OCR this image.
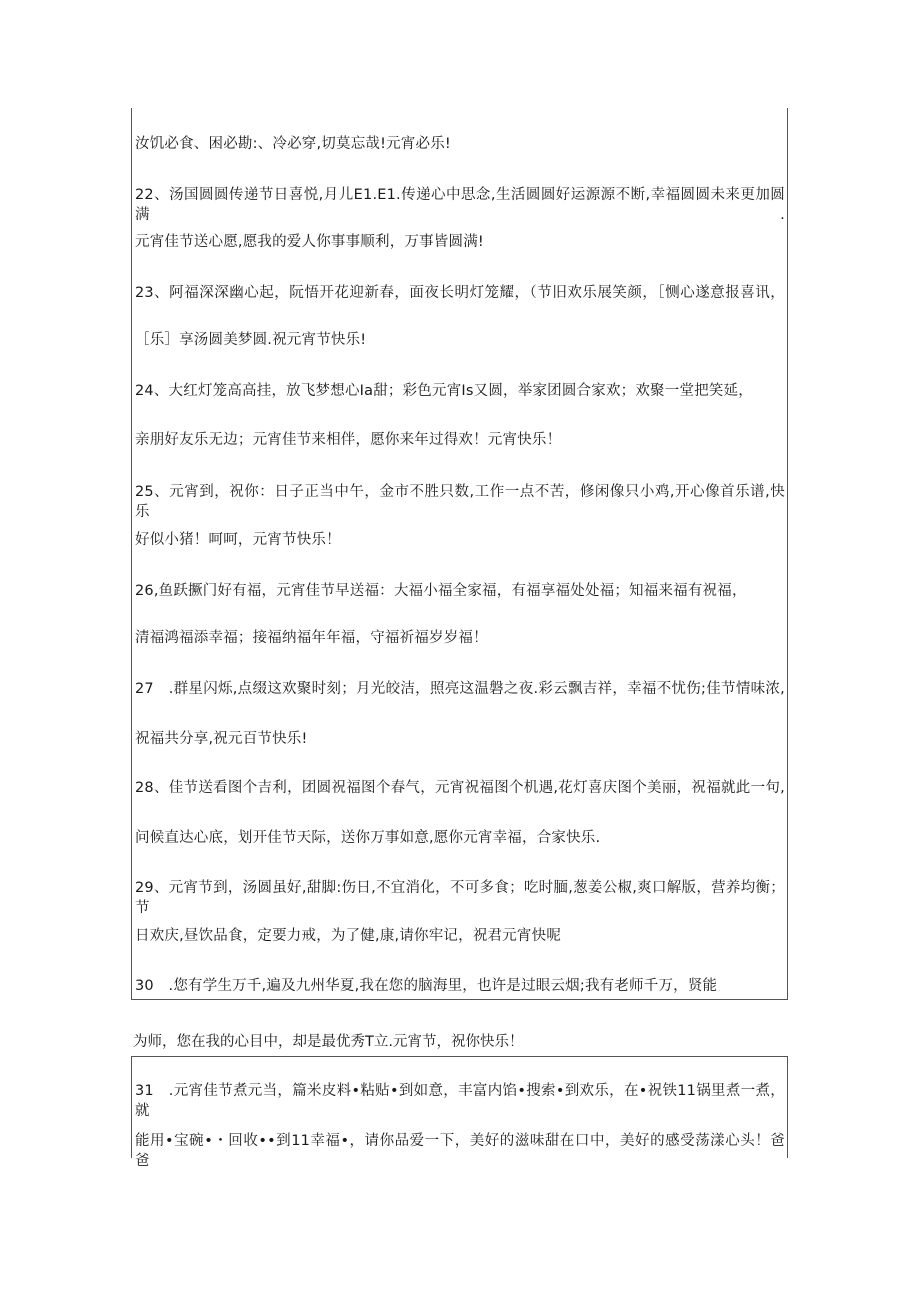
汝饥必食、困必勘:、冷必穿,切莫忘哉!元宵必乐!
22、汤国圆圆传递节日喜悦,月儿E1.E1.传递心中思念,生活圆圆好运源源不断,幸福圆圆未来更加圆满.
元宵佳节送心愿,愿我的爱人你事事顺利，万事皆圆满!
23、阿福深深幽心起，阮悟开花迎新春，面夜长明灯笼耀，（节旧欢乐展笑颜，［恻心遂意报喜讯，
［乐］享汤圆美梦圆.祝元宵节快乐!
24、大红灯笼高高挂，放飞梦想心Ia甜；彩色元宵Is又圆，举家团圆合家欢；欢聚一堂把笑延，
亲朋好友乐无边；元宵佳节来相伴，愿你来年过得欢！元宵快乐！
25、元宵到，祝你：日子正当中午，金市不胜只数,工作一点不苦，修闲像只小鸡,开心像首乐谱,快乐
好似小猪！呵呵，元宵节快乐！
26,鱼跃撅门好有福，元宵佳节早送福：大福小福全家福，有福享福处处福；知福来福有祝福，
清福鸿福添幸福；接福纳福年年福，守福祈福岁岁福！
27　.群星闪烁,点缀这欢聚时刻；月光皎洁，照亮这温磐之夜.彩云飘吉祥，幸福不忧伤;佳节情味浓,
祝福共分享,祝元百节快乐!
28、佳节送看图个吉利，团圆祝福图个春气，元宵祝福图个机遇,花灯喜庆图个美丽，祝福就此一句,
问候直达心底，划开佳节天际，送你万事如意,愿你元宵幸福，合家快乐.
29、元宵节到，汤圆虽好,甜脚:伤日,不宜消化，不可多食；吃时腼,葱姜公椒,爽口解版，营养均衡；节
日欢庆,昼饮品食，定要力戒，为了健,康,请你牢记，祝君元宵快呢
30　.您有学生万千,遍及九州华夏,我在您的脑海里，也许是过眼云烟;我有老师千万，贤能
为师，您在我的心目中，却是最优秀T立.元宵节，祝你快乐！
31　.元宵佳节煮元当，篇米皮料•粘贴•到如意，丰富内馅•搜索•到欢乐，在•祝铁11锅里煮一煮，就
能用•宝碗•・回收••到11幸福•，请你品爱一下，美好的滋味甜在口中，美好的感受荡漾心头！爸爸
